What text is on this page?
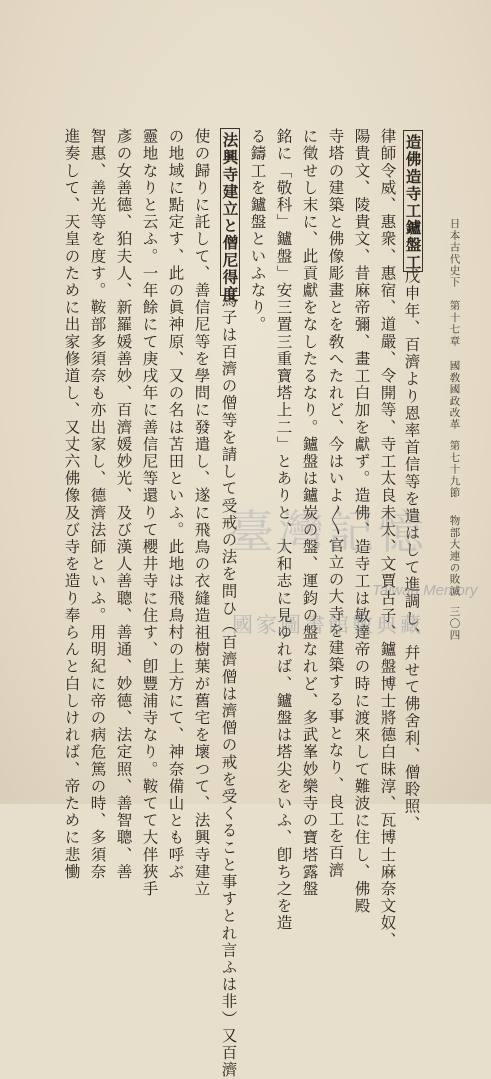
日本古代史下
第十七章
國敎國政改革
第七十九節
物部大連の敗滅
三〇四
造佛造寺工鑪盤工
戊申年、百濟より恩率首信等を遣はして進調し、幷せて佛舍利、僧聆照、
律師令威、惠衆、惠宿、道嚴、令開等、寺工太良未太、文賈古子、鑪盤博士將德白昧淳、瓦博士麻奈文奴、
陽貴文、陵貴文、昔麻帝彌、畫工白加を獻ず。造佛、造寺工は敏達帝の時に渡來して難波に住し、佛殿
寺塔の建築と佛像彫畫とを敎へたれど、今はいよ〳〵官立の大寺を建築する事となり、良工を百濟
に徵せし末に、此貢獻をなしたるなり。鑪盤は鑪炭の盤、運鈞の盤なれど、多武峯妙樂寺の寶塔露盤
銘に「敬科」鑪盤」安三置三重寶塔上二」とありと、大和志に見ゆれば、鑪盤は塔尖をいふ、卽ち之を造
る鑄工を鑪盤といふなり。
法興寺建立と僧尼得度
馬子は百濟の僧等を請して受戒の法を問ひ（百濟僧は濟僧の戒を受くること事すとれ言ふは非）又百濟
使の歸りに託して、善信尼等を學問に發遣し、遂に飛鳥の衣縫造祖樹葉が舊宅を壞つて、法興寺建立
の地域に點定す、此の眞神原、又の名は苫田といふ。此地は飛鳥村の上方にて、神奈備山とも呼ぶ
靈地なりと云ふ。一年餘にて庚戌年に善信尼等還りて櫻井寺に住す、卽豐浦寺なり。鞍てて大伴狹手
彥の女善德、狛夫人、新羅媛善妙、百濟媛妙光、及び漢人善聰、善通、妙德、法定照、善智聰、善
智惠、善光等を度す。鞍部多須奈も亦出家し、德濟法師といふ。用明紀に帝の病危篤の時、多須奈
進奏して、天皇のために出家修道し、又丈六佛像及び寺を造り奉らんと白しければ、帝ために悲慟	臺灣記憶
Taiwan Memory
國家圖書館數典藏
